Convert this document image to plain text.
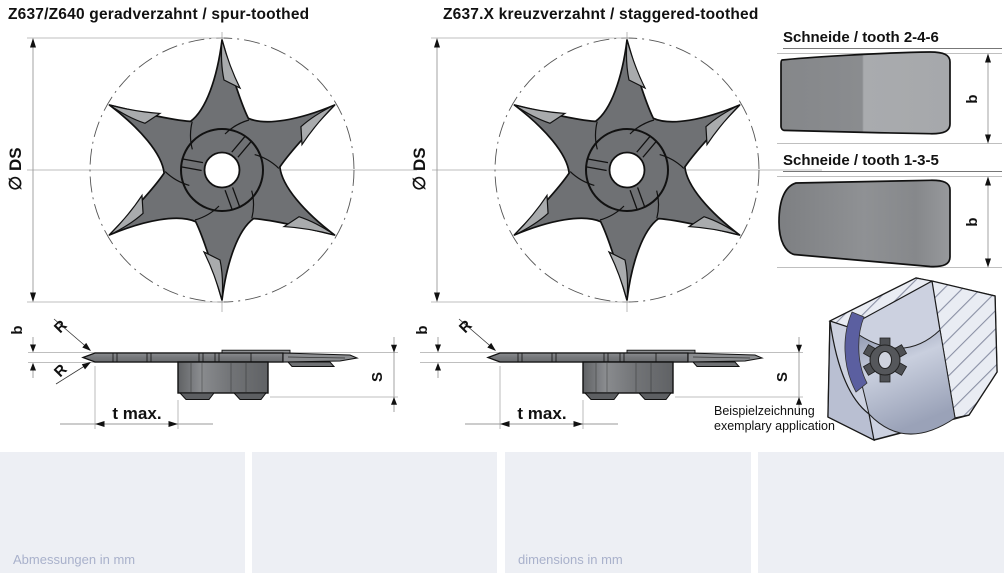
Z637/Z640 geradverzahnt / spur-toothed	Z637.X kreuzverzahnt / staggered-toothed
Schneide / tooth 2-4-6
Schneide / tooth 1-3-5
∅ DS	∅ DS
b
b
b R
R
t max.
S
b R
t max.
S
Beispielzeichnung
exemplary application
Abmessungen in mm	dimensions in mm
